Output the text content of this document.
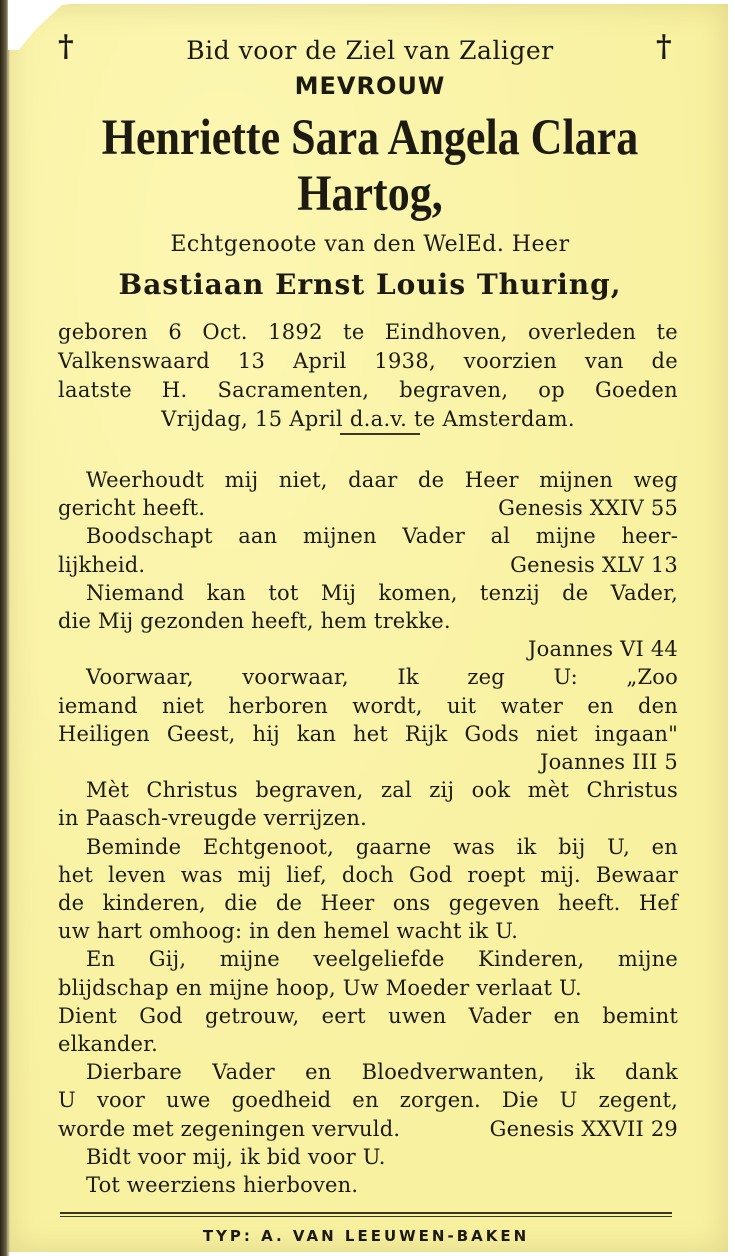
†	†
Bid voor de Ziel van Zaliger
MEVROUW
Henriette Sara Angela Clara
Hartog,
Echtgenoote van den WelEd. Heer
Bastiaan Ernst Louis Thuring,
geboren 6 Oct. 1892 te Eindhoven, overleden te
Valkenswaard 13 April 1938, voorzien van de
laatste H. Sacramenten, begraven, op Goeden
Vrijdag, 15 April d.a.v. te Amsterdam.
Weerhoudt mij niet, daar de Heer mijnen weg
gericht heeft.	Genesis XXIV 55
Boodschapt aan mijnen Vader al mijne heer-
lijkheid.	Genesis XLV 13
Niemand kan tot Mij komen, tenzij de Vader,
die Mij gezonden heeft, hem trekke.
Joannes VI 44
Voorwaar, voorwaar, Ik zeg U: „Zoo
iemand niet herboren wordt, uit water en den
Heiligen Geest, hij kan het Rijk Gods niet ingaan"
Joannes III 5
Mèt Christus begraven, zal zij ook mèt Christus
in Paasch-vreugde verrijzen.
Beminde Echtgenoot, gaarne was ik bij U, en
het leven was mij lief, doch God roept mij. Bewaar
de kinderen, die de Heer ons gegeven heeft. Hef
uw hart omhoog: in den hemel wacht ik U.
En Gij, mijne veelgeliefde Kinderen, mijne
blijdschap en mijne hoop, Uw Moeder verlaat U.
Dient God getrouw, eert uwen Vader en bemint
elkander.
Dierbare Vader en Bloedverwanten, ik dank
U voor uwe goedheid en zorgen. Die U zegent,
worde met zegeningen vervuld.	Genesis XXVII 29
Bidt voor mij, ik bid voor U.
Tot weerziens hierboven.
TYP: A. VAN LEEUWEN-BAKEN
